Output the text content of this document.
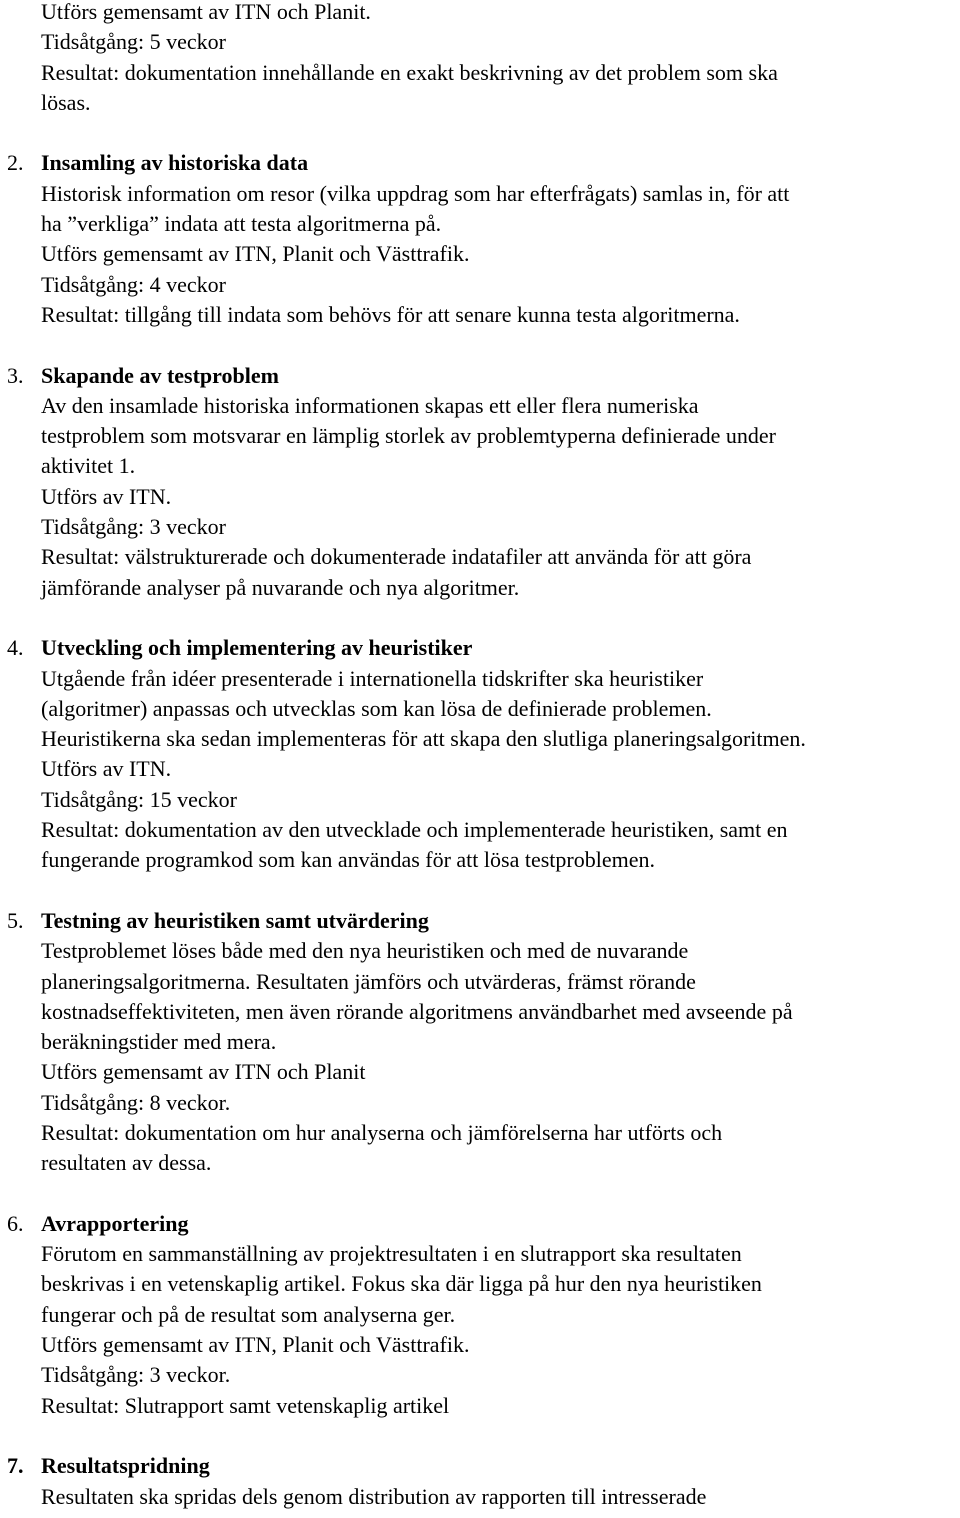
Utförs gemensamt av ITN och Planit.
Tidsåtgång: 5 veckor
Resultat: dokumentation innehållande en exakt beskrivning av det problem som ska
lösas.
2. Insamling av historiska data
Historisk information om resor (vilka uppdrag som har efterfrågats) samlas in, för att
ha ”verkliga” indata att testa algoritmerna på.
Utförs gemensamt av ITN, Planit och Västtrafik.
Tidsåtgång: 4 veckor
Resultat: tillgång till indata som behövs för att senare kunna testa algoritmerna.
3. Skapande av testproblem
Av den insamlade historiska informationen skapas ett eller flera numeriska
testproblem som motsvarar en lämplig storlek av problemtyperna definierade under
aktivitet 1.
Utförs av ITN.
Tidsåtgång: 3 veckor
Resultat: välstrukturerade och dokumenterade indatafiler att använda för att göra
jämförande analyser på nuvarande och nya algoritmer.
4. Utveckling och implementering av heuristiker
Utgående från idéer presenterade i internationella tidskrifter ska heuristiker
(algoritmer) anpassas och utvecklas som kan lösa de definierade problemen.
Heuristikerna ska sedan implementeras för att skapa den slutliga planeringsalgoritmen.
Utförs av ITN.
Tidsåtgång: 15 veckor
Resultat: dokumentation av den utvecklade och implementerade heuristiken, samt en
fungerande programkod som kan användas för att lösa testproblemen.
5. Testning av heuristiken samt utvärdering
Testproblemet löses både med den nya heuristiken och med de nuvarande
planeringsalgoritmerna. Resultaten jämförs och utvärderas, främst rörande
kostnadseffektiviteten, men även rörande algoritmens användbarhet med avseende på
beräkningstider med mera.
Utförs gemensamt av ITN och Planit
Tidsåtgång: 8 veckor.
Resultat: dokumentation om hur analyserna och jämförelserna har utförts och
resultaten av dessa.
6. Avrapportering
Förutom en sammanställning av projektresultaten i en slutrapport ska resultaten
beskrivas i en vetenskaplig artikel. Fokus ska där ligga på hur den nya heuristiken
fungerar och på de resultat som analyserna ger.
Utförs gemensamt av ITN, Planit och Västtrafik.
Tidsåtgång: 3 veckor.
Resultat: Slutrapport samt vetenskaplig artikel
7. Resultatspridning
Resultaten ska spridas dels genom distribution av rapporten till intresserade
